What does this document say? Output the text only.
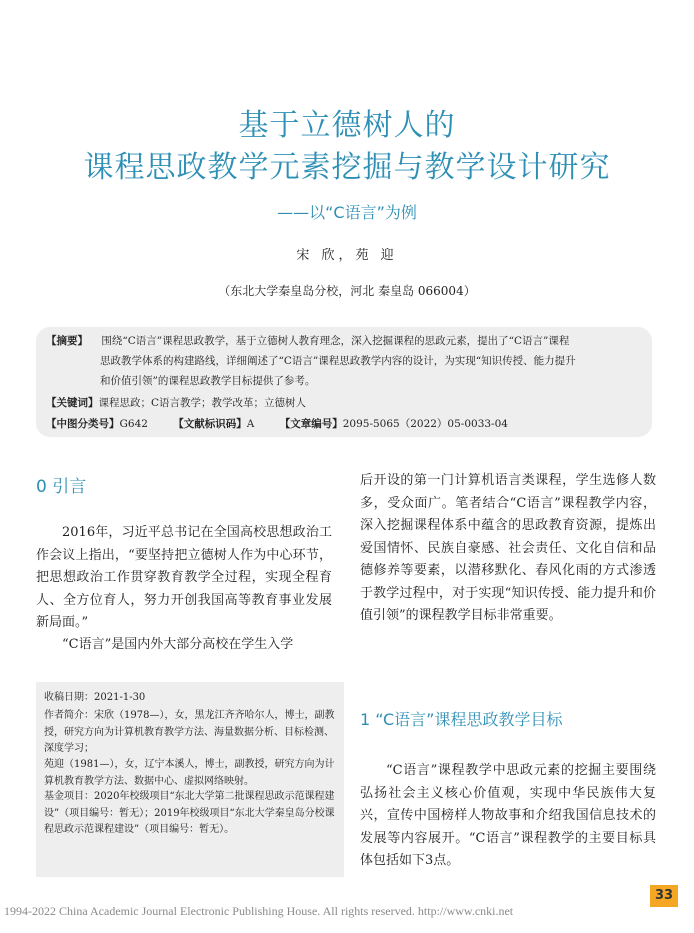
基于立德树人的
课程思政教学元素挖掘与教学设计研究
——以“C语言”为例
宋 欣，苑 迎
（东北大学秦皇岛分校，河北 秦皇岛 066004）
【摘要】 围绕“C语言”课程思政教学，基于立德树人教育理念，深入挖掘课程的思政元素，提出了“C语言”课程
思政教学体系的构建路线，详细阐述了“C语言”课程思政教学内容的设计，为实现“知识传授、能力提升
和价值引领”的课程思政教学目标提供了参考。
【关键词】课程思政；C语言教学；教学改革；立德树人
【中图分类号】G642 【文献标识码】A 【文章编号】2095-5065（2022）05-0033-04
0 引言
2016年，习近平总书记在全国高校思想政治工作会议上指出，“要坚持把立德树人作为中心环节，把思想政治工作贯穿教育教学全过程，实现全程育人、全方位育人，努力开创我国高等教育事业发展新局面。”
“C语言”是国内外大部分高校在学生入学
后开设的第一门计算机语言类课程，学生选修人数多，受众面广。笔者结合“C语言”课程教学内容，深入挖掘课程体系中蕴含的思政教育资源，提炼出爱国情怀、民族自豪感、社会责任、文化自信和品德修养等要素，以潜移默化、春风化雨的方式渗透于教学过程中，对于实现“知识传授、能力提升和价值引领”的课程教学目标非常重要。
1 “C语言”课程思政教学目标
“C语言”课程教学中思政元素的挖掘主要围绕弘扬社会主义核心价值观，实现中华民族伟大复兴，宣传中国榜样人物故事和介绍我国信息技术的发展等内容展开。“C语言”课程教学的主要目标具体包括如下3点。
收稿日期：2021-1-30
作者简介：宋欣（1978—），女，黑龙江齐齐哈尔人，博士，副教授，研究方向为计算机教育教学方法、海量数据分析、目标检测、深度学习；
苑迎（1981—），女，辽宁本溪人，博士，副教授，研究方向为计算机教育教学方法、数据中心、虚拟网络映射。
基金项目：2020年校级项目“东北大学第二批课程思政示范课程建设”（项目编号：暂无）；2019年校级项目“东北大学秦皇岛分校课程思政示范课程建设”（项目编号：暂无）。
33
1994-2022 China Academic Journal Electronic Publishing House. All rights reserved. http://www.cnki.net
